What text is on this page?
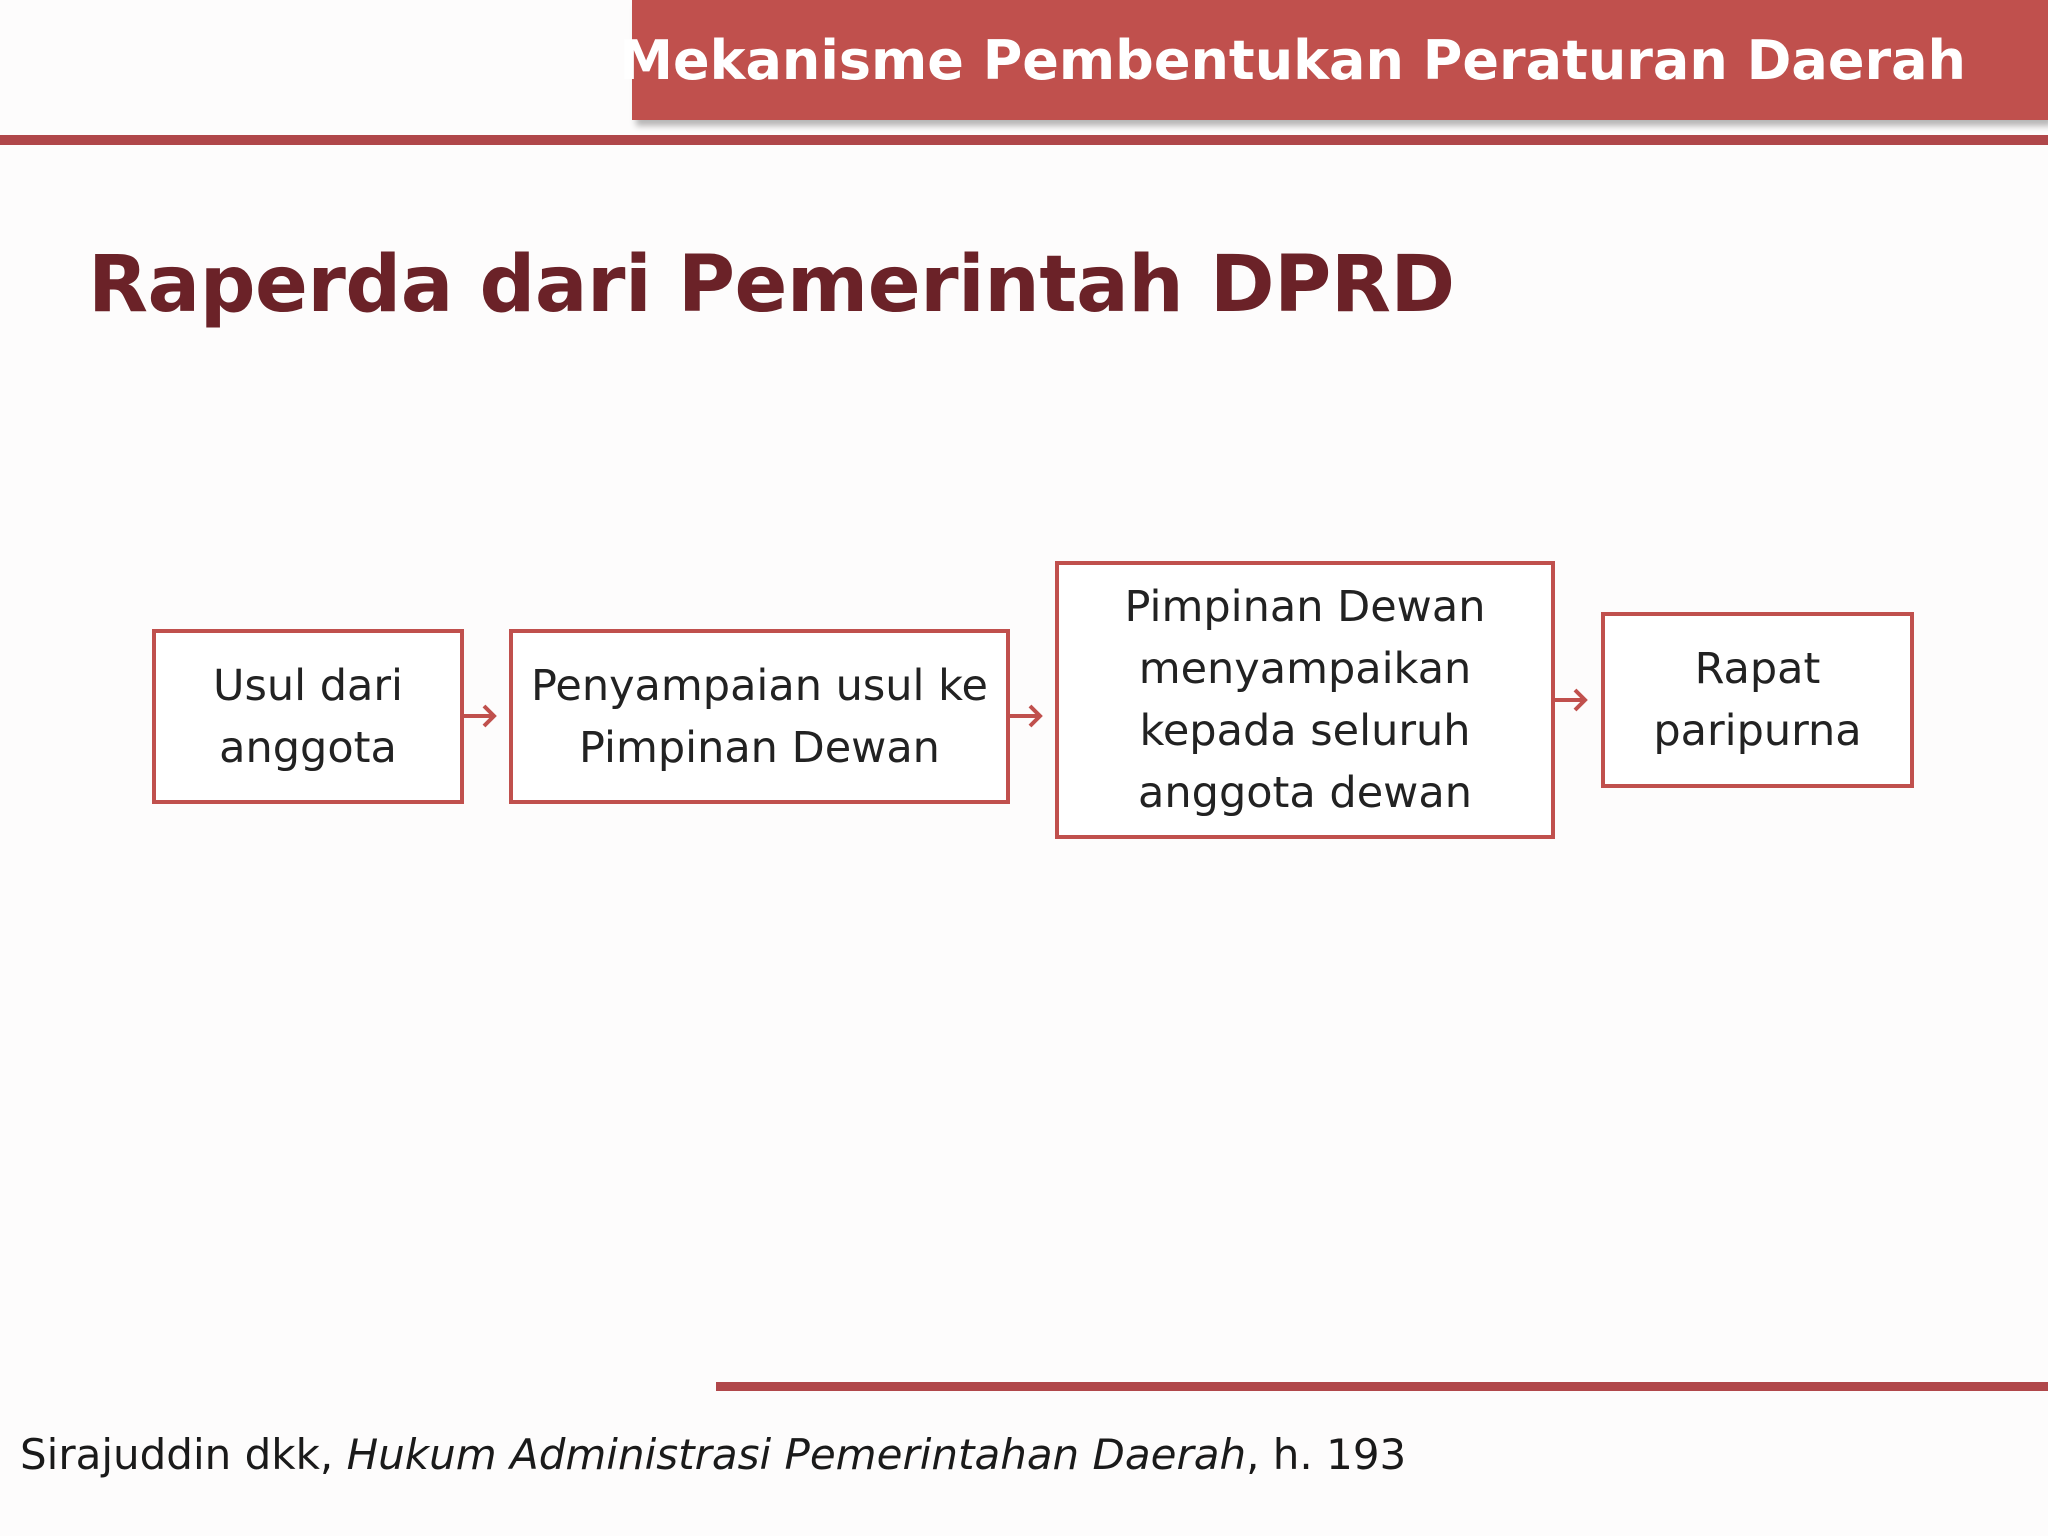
Mekanisme Pembentukan Peraturan Daerah
Raperda dari Pemerintah DPRD
Usul dari
anggota
Penyampaian usul ke
Pimpinan Dewan
Pimpinan Dewan
menyampaikan
kepada seluruh
anggota dewan
Rapat
paripurna
Sirajuddin dkk, Hukum Administrasi Pemerintahan Daerah, h. 193
